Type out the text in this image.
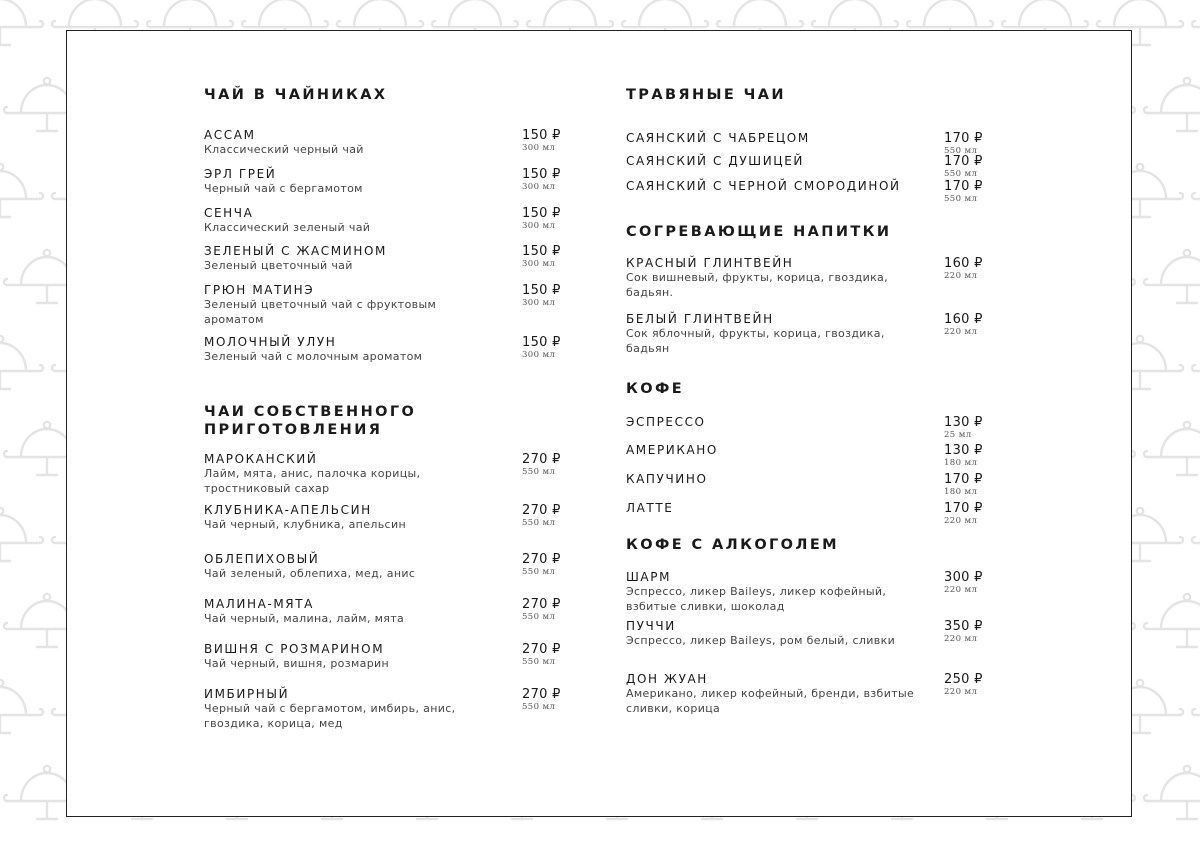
ЧАЙ В ЧАЙНИКАХ
АССАМ
Классический черный чай
150 ₽
300 мл
ЭРЛ ГРЕЙ
Черный чай с бергамотом
150 ₽
300 мл
СЕНЧА
Классический зеленый чай
150 ₽
300 мл
ЗЕЛЕНЫЙ С ЖАСМИНОМ
Зеленый цветочный чай
150 ₽
300 мл
ГРЮН МАТИНЭ
Зеленый цветочный чай с фруктовым ароматом
150 ₽
300 мл
МОЛОЧНЫЙ УЛУН
Зеленый чай с молочным ароматом
150 ₽
300 мл
ЧАИ СОБСТВЕННОГО
ПРИГОТОВЛЕНИЯ
МАРОКАНСКИЙ
Лайм, мята, анис, палочка корицы, тростниковый сахар
270 ₽
550 мл
КЛУБНИКА-АПЕЛЬСИН
Чай черный, клубника, апельсин
270 ₽
550 мл
ОБЛЕПИХОВЫЙ
Чай зеленый, облепиха, мед, анис
270 ₽
550 мл
МАЛИНА-МЯТА
Чай черный, малина, лайм, мята
270 ₽
550 мл
ВИШНЯ С РОЗМАРИНОМ
Чай черный, вишня, розмарин
270 ₽
550 мл
ИМБИРНЫЙ
Черный чай с бергамотом, имбирь, анис, гвоздика, корица, мед
270 ₽
550 мл
ТРАВЯНЫЕ ЧАИ
САЯНСКИЙ С ЧАБРЕЦОМ	170 ₽
550 мл
САЯНСКИЙ С ДУШИЦЕЙ	170 ₽
550 мл
САЯНСКИЙ С ЧЕРНОЙ СМОРОДИНОЙ	170 ₽
550 мл
СОГРЕВАЮЩИЕ НАПИТКИ
КРАСНЫЙ ГЛИНТВЕЙН
Сок вишневый, фрукты, корица, гвоздика, бадьян.
160 ₽
220 мл
БЕЛЫЙ ГЛИНТВЕЙН
Сок яблочный, фрукты, корица, гвоздика, бадьян
160 ₽
220 мл
КОФЕ
ЭСПРЕССО	130 ₽
25 мл
АМЕРИКАНО	130 ₽
180 мл
КАПУЧИНО	170 ₽
180 мл
ЛАТТЕ	170 ₽
220 мл
КОФЕ С АЛКОГОЛЕМ
ШАРМ
Эспрессо, ликер Baileys, ликер кофейный, взбитые сливки, шоколад
300 ₽
220 мл
ПУЧЧИ
Эспрессо, ликер Baileys, ром белый, сливки
350 ₽
220 мл
ДОН ЖУАН
Американо, ликер кофейный, бренди, взбитые сливки, корица
250 ₽
220 мл
